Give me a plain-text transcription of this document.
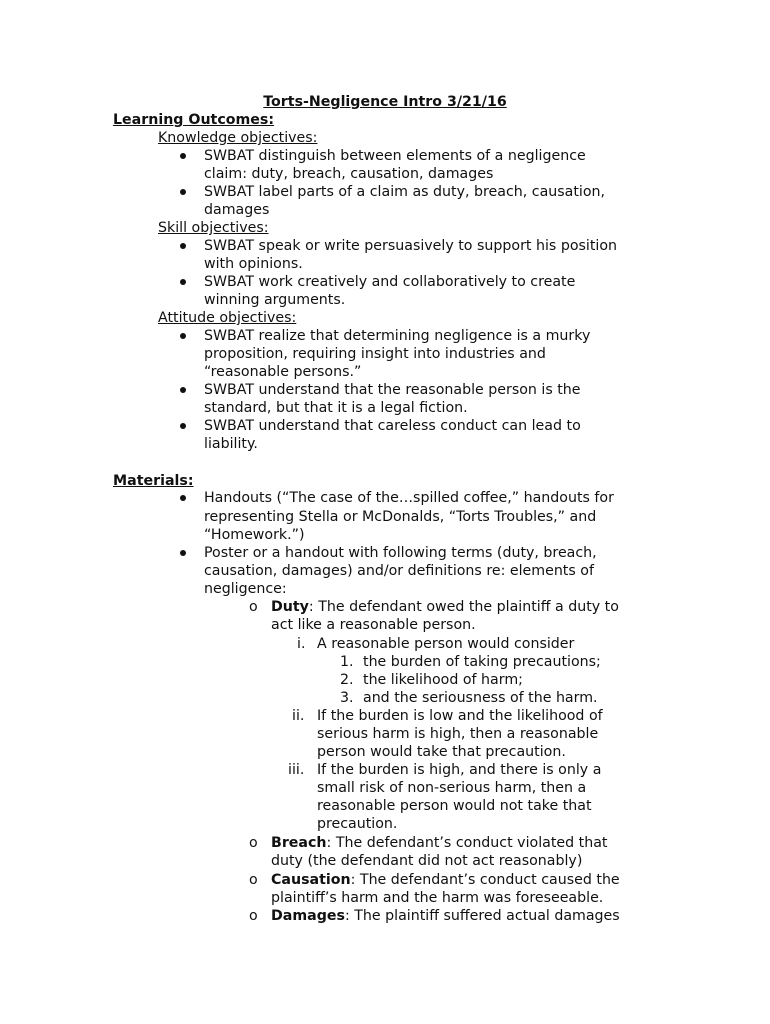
Torts-Negligence Intro 3/21/16
Learning Outcomes:
Knowledge objectives:
SWBAT distinguish between elements of a negligence
claim: duty, breach, causation, damages
SWBAT label parts of a claim as duty, breach, causation,
damages
Skill objectives:
SWBAT speak or write persuasively to support his position
with opinions.
SWBAT work creatively and collaboratively to create
winning arguments.
Attitude objectives:
SWBAT realize that determining negligence is a murky
proposition, requiring insight into industries and
“reasonable persons.”
SWBAT understand that the reasonable person is the
standard, but that it is a legal fiction.
SWBAT understand that careless conduct can lead to
liability.
Materials:
Handouts (“The case of the…spilled coffee,” handouts for
representing Stella or McDonalds, “Torts Troubles,” and
“Homework.”)
Poster or a handout with following terms (duty, breach,
causation, damages) and/or definitions re: elements of
negligence:
o Duty: The defendant owed the plaintiff a duty to
act like a reasonable person.
i. A reasonable person would consider
1. the burden of taking precautions;
2. the likelihood of harm;
3. and the seriousness of the harm.
ii. If the burden is low and the likelihood of
serious harm is high, then a reasonable
person would take that precaution.
iii. If the burden is high, and there is only a
small risk of non-serious harm, then a
reasonable person would not take that
precaution.
o Breach: The defendant’s conduct violated that
duty (the defendant did not act reasonably)
o Causation: The defendant’s conduct caused the
plaintiff’s harm and the harm was foreseeable.
o Damages: The plaintiff suffered actual damages
